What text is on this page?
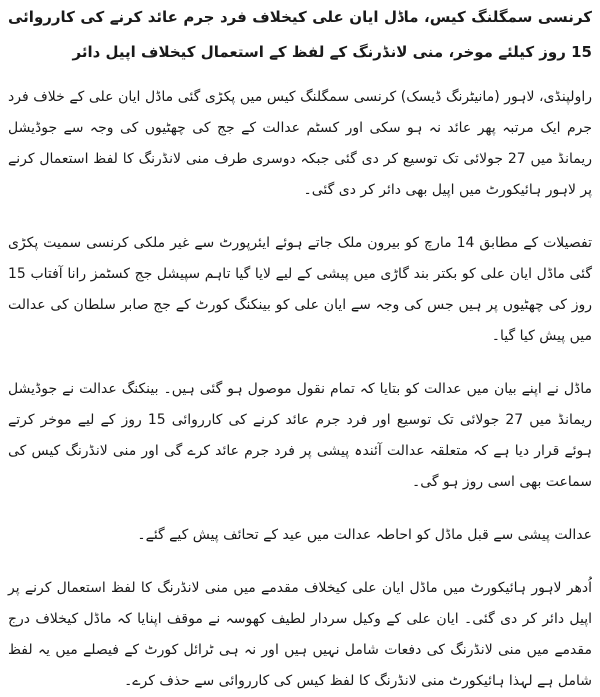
کرنسی سمگلنگ کیس، ماڈل ایان علی کیخلاف فرد جرم عائد کرنے کی کارروائی 15 روز کیلئے موخر، منی لانڈرنگ کے لفظ کے استعمال کیخلاف اپیل دائر

راولپنڈی، لاہور (مانیٹرنگ ڈیسک) کرنسی سمگلنگ کیس میں پکڑی گئی ماڈل ایان علی کے خلاف فرد جرم ایک مرتبہ پھر عائد نہ ہو سکی اور کسٹم عدالت کے جج کی چھٹیوں کی وجہ سے جوڈیشل ریمانڈ میں 27 جولائی تک توسیع کر دی گئی جبکہ دوسری طرف منی لانڈرنگ کا لفظ استعمال کرنے پر لاہور ہائیکورٹ میں اپیل بھی دائر کر دی گئی۔

تفصیلات کے مطابق 14 مارچ کو بیرون ملک جاتے ہوئے ایئرپورٹ سے غیر ملکی کرنسی سمیت پکڑی گئی ماڈل ایان علی کو بکتر بند گاڑی میں پیشی کے لیے لایا گیا تاہم سپیشل جج کسٹمز رانا آفتاب 15 روز کی چھٹیوں پر ہیں جس کی وجہ سے ایان علی کو بینکنگ کورٹ کے جج صابر سلطان کی عدالت میں پیش کیا گیا۔

ماڈل نے اپنے بیان میں عدالت کو بتایا کہ تمام نقول موصول ہو گئی ہیں۔ بینکنگ عدالت نے جوڈیشل ریمانڈ میں 27 جولائی تک توسیع اور فرد جرم عائد کرنے کی کارروائی 15 روز کے لیے موخر کرتے ہوئے قرار دیا ہے کہ متعلقہ عدالت آئندہ پیشی پر فرد جرم عائد کرے گی اور منی لانڈرنگ کیس کی سماعت بھی اسی روز ہو گی۔

عدالت پیشی سے قبل ماڈل کو احاطہ عدالت میں عید کے تحائف پیش کیے گئے۔

اُدھر لاہور ہائیکورٹ میں ماڈل ایان علی کیخلاف مقدمے میں منی لانڈرنگ کا لفظ استعمال کرنے پر اپیل دائر کر دی گئی۔ ایان علی کے وکیل سردار لطیف کھوسہ نے موقف اپنایا کہ ماڈل کیخلاف درج مقدمے میں منی لانڈرنگ کی دفعات شامل نہیں ہیں اور نہ ہی ٹرائل کورٹ کے فیصلے میں یہ لفظ شامل ہے لہذا ہائیکورٹ منی لانڈرنگ کا لفظ کیس کی کارروائی سے حذف کرے۔
